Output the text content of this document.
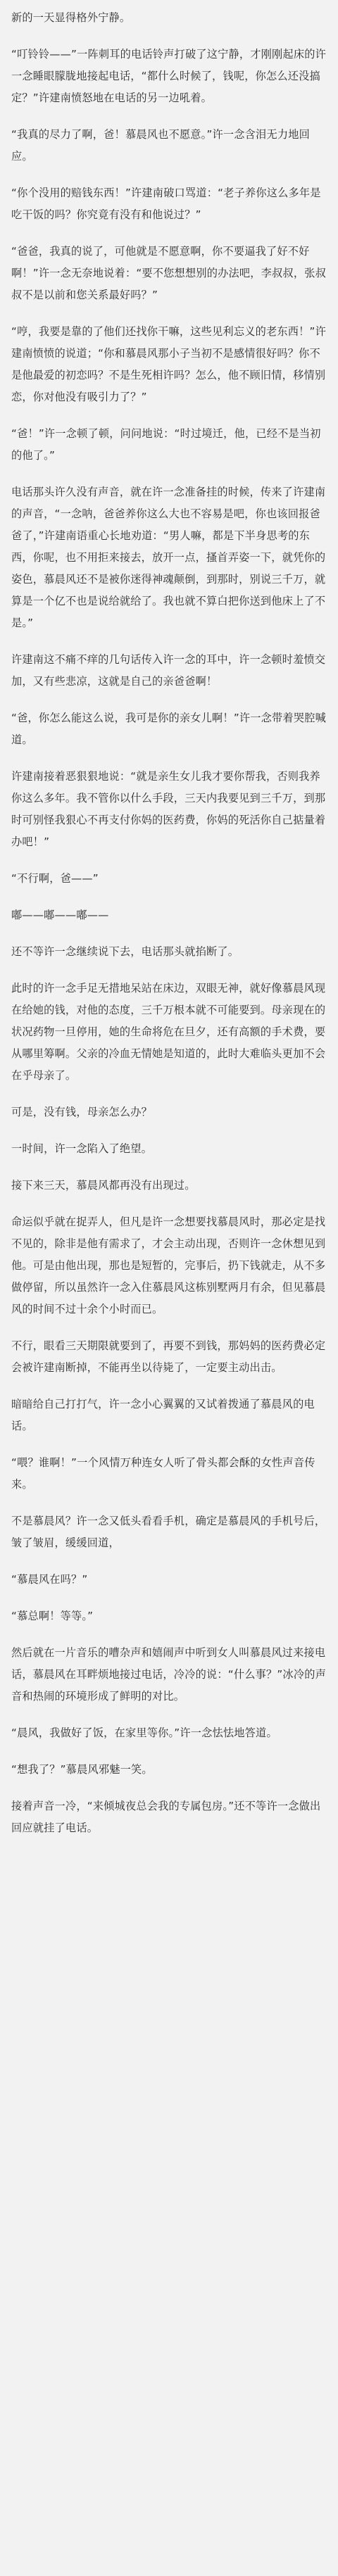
新的一天显得格外宁静。

“叮铃铃——”一阵刺耳的电话铃声打破了这宁静，才刚刚起床的许一念睡眼朦胧地接起电话，“都什么时候了，钱呢，你怎么还没搞定？”许建南愤怒地在电话的另一边吼着。

“我真的尽力了啊，爸！慕晨风也不愿意。”许一念含泪无力地回应。

“你个没用的赔钱东西！”许建南破口骂道：“老子养你这么多年是吃干饭的吗？你究竟有没有和他说过？”

“爸爸，我真的说了，可他就是不愿意啊，你不要逼我了好不好啊！”许一念无奈地说着：“要不您想想别的办法吧，李叔叔，张叔叔不是以前和您关系最好吗？”

“哼，我要是靠的了他们还找你干嘛，这些见利忘义的老东西！”许建南愤愤的说道；“你和慕晨风那小子当初不是感情很好吗？你不是他最爱的初恋吗？不是生死相许吗？怎么，他不顾旧情，移情别恋，你对他没有吸引力了？”

“爸！”许一念顿了顿，问问地说：“时过境迁，他，已经不是当初的他了。”

电话那头许久没有声音，就在许一念准备挂的时候，传来了许建南的声音，“一念呐，爸爸养你这么大也不容易是吧，你也该回报爸爸了，”许建南语重心长地劝道：“男人嘛，都是下半身思考的东西，你呢，也不用拒来接去，放开一点，搔首弄姿一下，就凭你的姿色，慕晨风还不是被你迷得神魂颠倒，到那时，别说三千万，就算是一个亿不也是说给就给了。我也就不算白把你送到他床上了不是。”

许建南这不痛不痒的几句话传入许一念的耳中，许一念顿时羞愤交加，又有些悲凉，这就是自己的亲爸爸啊！

“爸，你怎么能这么说，我可是你的亲女儿啊！”许一念带着哭腔喊道。

许建南接着恶狠狠地说：“就是亲生女儿我才要你帮我，否则我养你这么多年。我不管你以什么手段，三天内我要见到三千万，到那时可别怪我狠心不再支付你妈的医药费，你妈的死活你自己掂量着办吧！”

“不行啊，爸——”

嘟——嘟——嘟——

还不等许一念继续说下去，电话那头就掐断了。

此时的许一念手足无措地呆站在床边，双眼无神，就好像慕晨风现在给她的钱，对他的态度，三千万根本就不可能要到。母亲现在的状况药物一旦停用，她的生命将危在旦夕，还有高额的手术费，要从哪里筹啊。父亲的冷血无情她是知道的，此时大难临头更加不会在乎母亲了。

可是，没有钱，母亲怎么办？

一时间，许一念陷入了绝望。

接下来三天，慕晨风都再没有出现过。

命运似乎就在捉弄人，但凡是许一念想要找慕晨风时，那必定是找不见的，除非是他有需求了，才会主动出现，否则许一念休想见到他。可是由他出现，那也是短暂的，完事后，扔下钱就走，从不多做停留，所以虽然许一念入住慕晨风这栋别墅两月有余，但见慕晨风的时间不过十余个小时而已。

不行，眼看三天期限就要到了，再要不到钱，那妈妈的医药费必定会被许建南断掉，不能再坐以待毙了，一定要主动出击。

暗暗给自己打打气，许一念小心翼翼的又试着拨通了慕晨风的电话。

“喂？谁啊！”一个风情万种连女人听了骨头都会酥的女性声音传来。

不是慕晨风？许一念又低头看看手机，确定是慕晨风的手机号后，皱了皱眉，缓缓回道，

“慕晨风在吗？”

“慕总啊！等等。”

然后就在一片音乐的嘈杂声和嬉闹声中听到女人叫慕晨风过来接电话，慕晨风在耳畔烦地接过电话，冷冷的说：“什么事？”冰冷的声音和热闹的环境形成了鲜明的对比。

“晨风，我做好了饭，在家里等你。”许一念怯怯地答道。

“想我了？”慕晨风邪魅一笑。

接着声音一冷，“来倾城夜总会我的专属包房。”还不等许一念做出回应就挂了电话。
